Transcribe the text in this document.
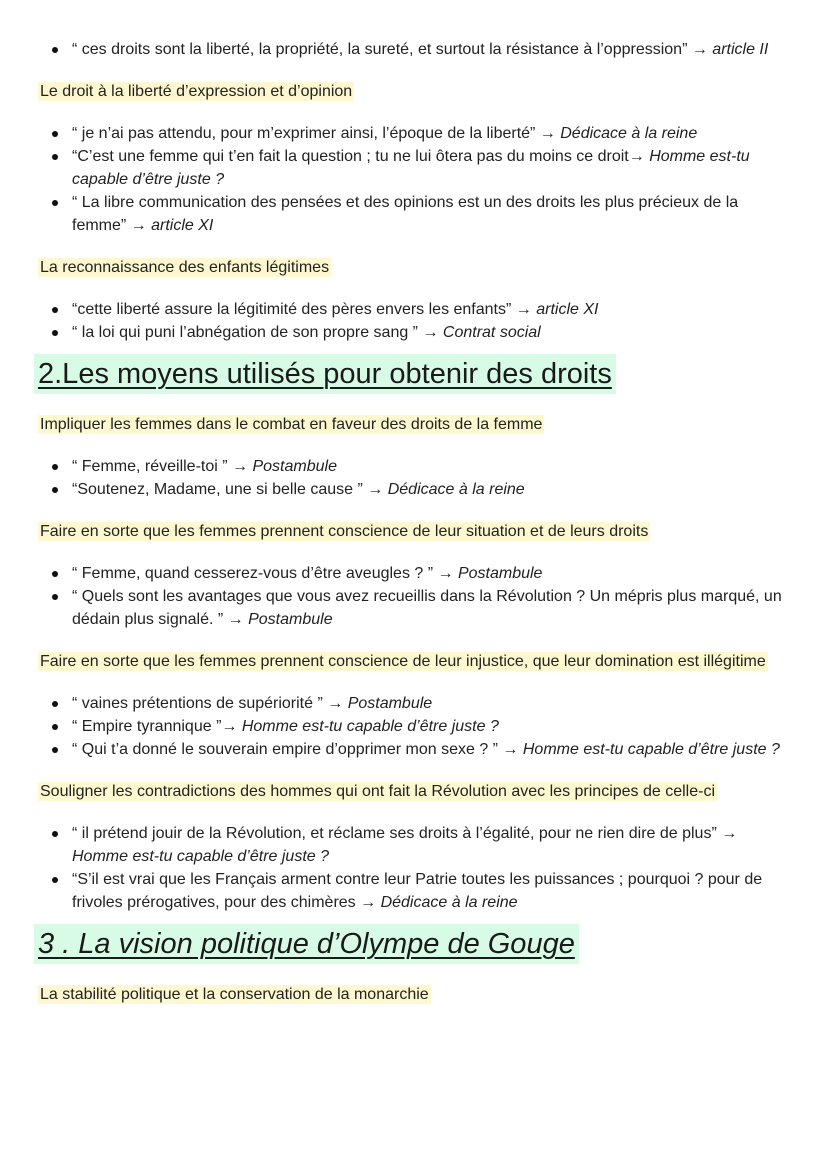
“ ces droits sont la liberté, la propriété, la sureté, et surtout la résistance à l’oppression” → article II
Le droit à la liberté d’expression et d’opinion
“ je n’ai pas attendu, pour m’exprimer ainsi, l’époque de la liberté” → Dédicace à la reine
“C’est une femme qui t’en fait la question ; tu ne lui ôtera pas du moins ce droit→ Homme est-tu capable d’être juste ?
“ La libre communication des pensées et des opinions est un des droits les plus précieux de la femme” → article XI
La reconnaissance des enfants légitimes
“cette liberté assure la légitimité des pères envers les enfants” → article XI
“ la loi qui puni l’abnégation de son propre sang ” → Contrat social
2.Les moyens utilisés pour obtenir des droits
Impliquer les femmes dans le combat en faveur des droits de la femme
“ Femme, réveille-toi ” → Postambule
“Soutenez, Madame, une si belle cause ” → Dédicace à la reine
Faire en sorte que les femmes prennent conscience de leur situation et de leurs droits
“ Femme, quand cesserez-vous d’être aveugles ? ” → Postambule
“ Quels sont les avantages que vous avez recueillis dans la Révolution ? Un mépris plus marqué, un dédain plus signalé. ” → Postambule
Faire en sorte que les femmes prennent conscience de leur injustice, que leur domination est illégitime
“ vaines prétentions de supériorité ” → Postambule
“ Empire tyrannique ”→ Homme est-tu capable d’être juste ?
“ Qui t’a donné le souverain empire d’opprimer mon sexe ? ” → Homme est-tu capable d’être juste ?
Souligner les contradictions des hommes qui ont fait la Révolution avec les principes de celle-ci
“ il prétend jouir de la Révolution, et réclame ses droits à l’égalité, pour ne rien dire de plus” → Homme est-tu capable d’être juste ?
“S’il est vrai que les Français arment contre leur Patrie toutes les puissances ; pourquoi ? pour de frivoles prérogatives, pour des chimères → Dédicace à la reine
3 . La vision politique d’Olympe de Gouge
La stabilité politique et la conservation de la monarchie
